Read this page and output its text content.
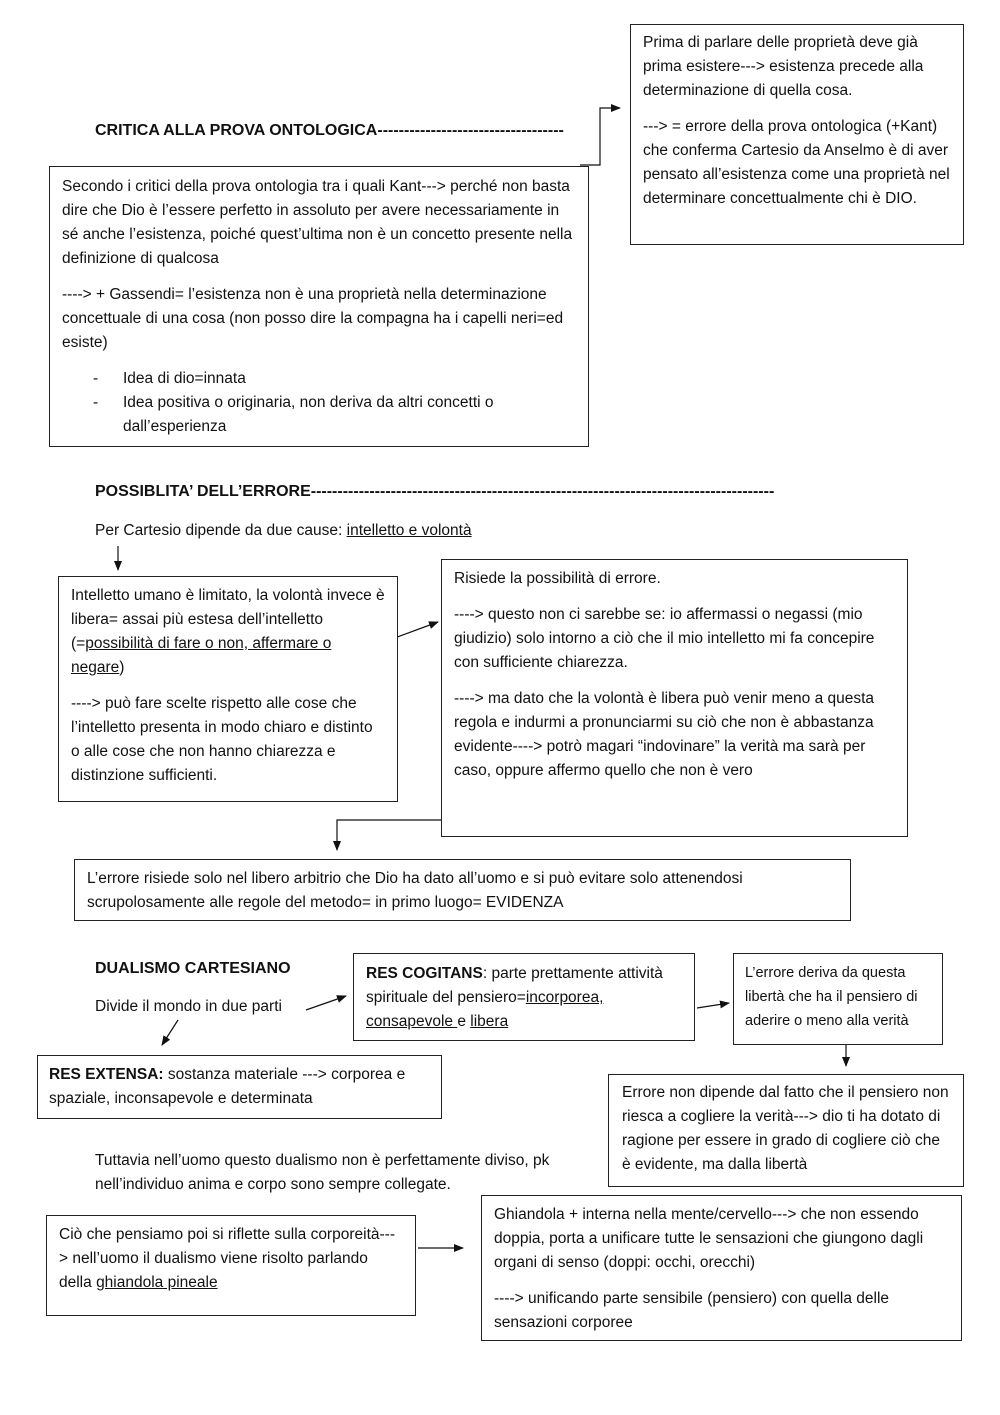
Prima di parlare delle proprietà deve già prima esistere---> esistenza precede alla determinazione di quella cosa.

---> = errore della prova ontologica (+Kant) che conferma Cartesio da Anselmo è di aver pensato all’esistenza come una proprietà nel determinare concettualmente chi è DIO.

CRITICA ALLA PROVA ONTOLOGICA-----------------------------------

Secondo i critici della prova ontologia tra i quali Kant---> perché non basta dire che Dio è l’essere perfetto in assoluto per avere necessariamente in sé anche l’esistenza, poiché quest’ultima non è un concetto presente nella definizione di qualcosa

----> + Gassendi= l’esistenza non è una proprietà nella determinazione concettuale di una cosa (non posso dire la compagna ha i capelli neri=ed esiste)

- Idea di dio=innata
- Idea positiva o originaria, non deriva da altri concetti o dall’esperienza
POSSIBLITA’ DELL’ERRORE---------------------------------------------------------------------------------------

Per Cartesio dipende da due cause: intelletto e volontà

Intelletto umano è limitato, la volontà invece è libera= assai più estesa dell’intelletto (=possibilità di fare o non, affermare o negare)

----> può fare scelte rispetto alle cose che l’intelletto presenta in modo chiaro e distinto o alle cose che non hanno chiarezza e distinzione sufficienti.

Risiede la possibilità di errore.

----> questo non ci sarebbe se: io affermassi o negassi (mio giudizio) solo intorno a ciò che il mio intelletto mi fa concepire con sufficiente chiarezza.

----> ma dato che la volontà è libera può venir meno a questa regola e indurmi a pronunciarmi su ciò che non è abbastanza evidente----> potrò magari “indovinare” la verità ma sarà per caso, oppure affermo quello che non è vero

L’errore risiede solo nel libero arbitrio che Dio ha dato all’uomo e si può evitare solo attenendosi scrupolosamente alle regole del metodo= in primo luogo= EVIDENZA

DUALISMO CARTESIANO

Divide il mondo in due parti

RES COGITANS: parte prettamente attività spirituale del pensiero=incorporea, consapevole e libera

L’errore deriva da questa libertà che ha il pensiero di aderire o meno alla verità

RES EXTENSA: sostanza materiale ---> corporea e spaziale, inconsapevole e determinata	Errore non dipende dal fatto che il pensiero non riesca a cogliere la verità---> dio ti ha dotato di ragione per essere in grado di cogliere ciò che è evidente, ma dalla libertà

Tuttavia nell’uomo questo dualismo non è perfettamente diviso, pk nell’individuo anima e corpo sono sempre collegate.

Ciò che pensiamo poi si riflette sulla corporeità---> nell’uomo il dualismo viene risolto parlando della ghiandola pineale

Ghiandola + interna nella mente/cervello---> che non essendo doppia, porta a unificare tutte le sensazioni che giungono dagli organi di senso (doppi: occhi, orecchi)

----> unificando parte sensibile (pensiero) con quella delle sensazioni corporee
